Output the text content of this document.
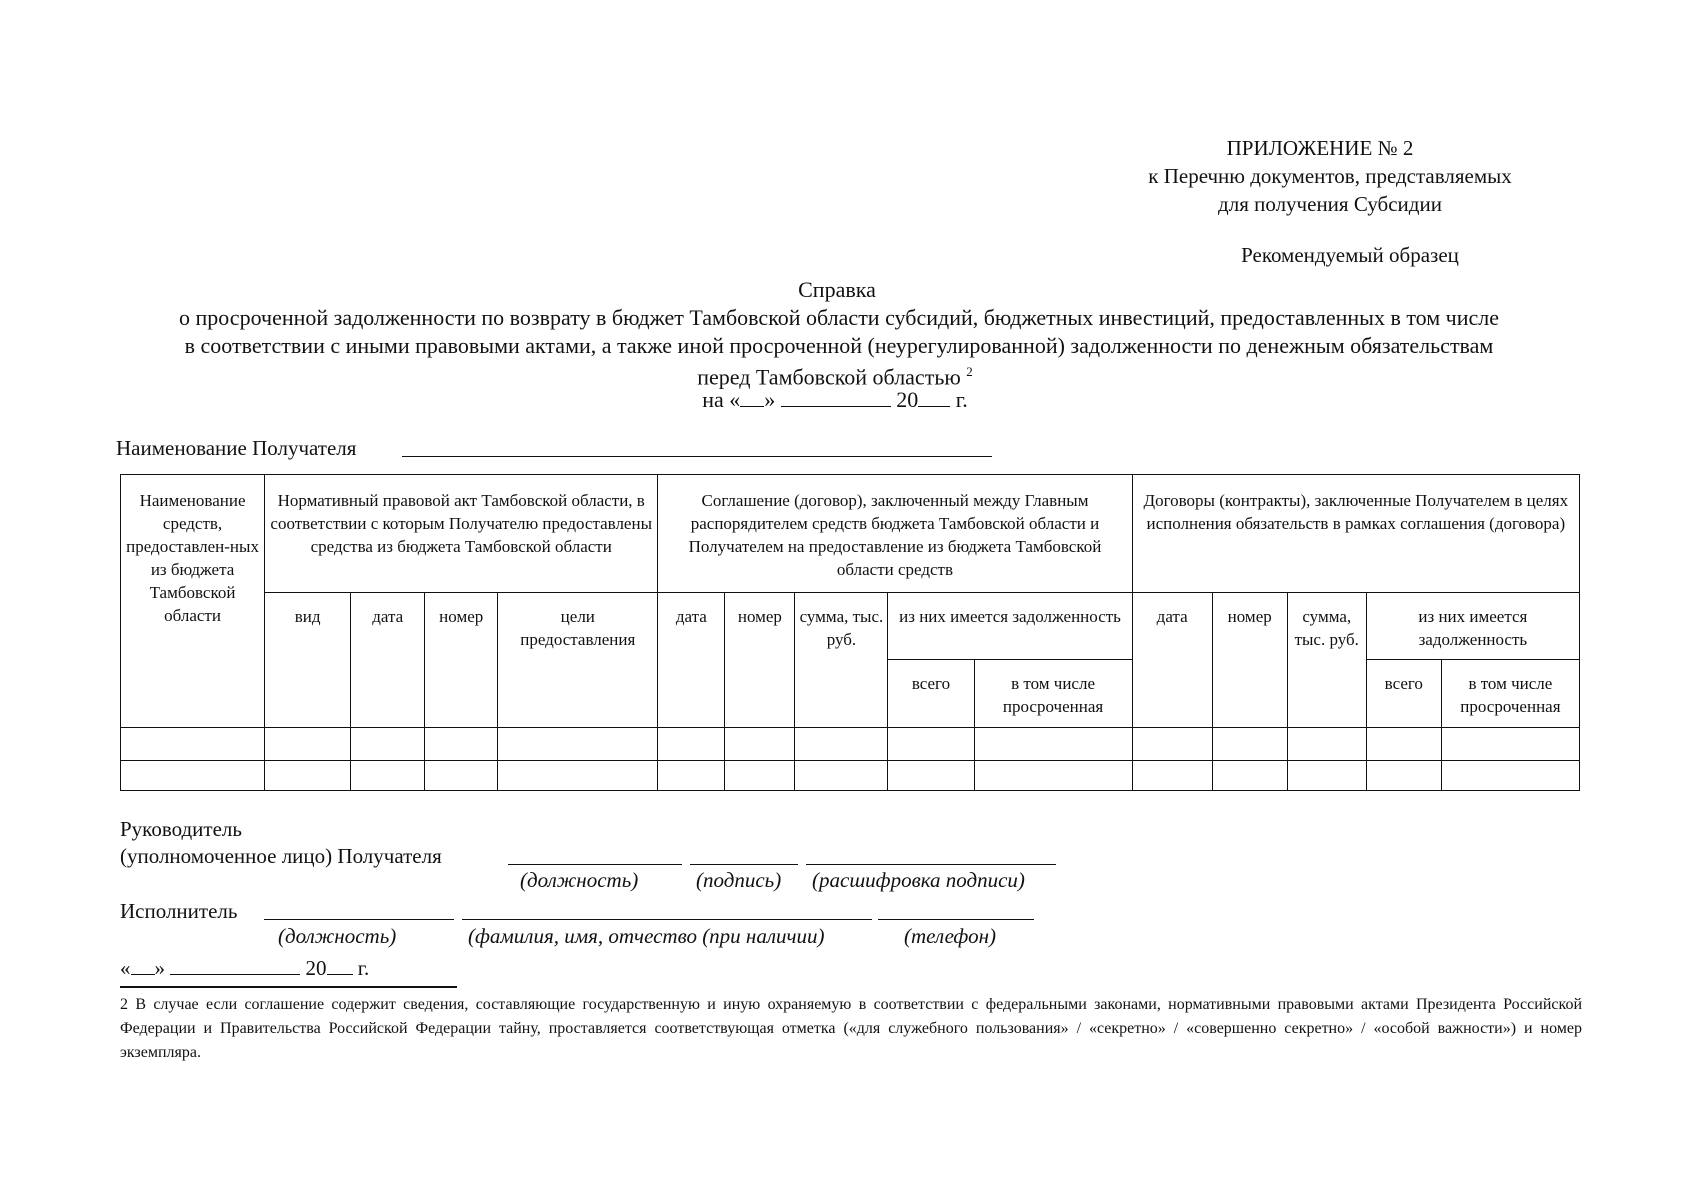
ПРИЛОЖЕНИЕ № 2
к Перечню документов, представляемых
для получения Субсидии
Рекомендуемый образец
Справка
о просроченной задолженности по возврату в бюджет Тамбовской области субсидий, бюджетных инвестиций, предоставленных в том числе
в соответствии с иными правовыми актами, а также иной просроченной (неурегулированной) задолженности по денежным обязательствам
перед Тамбовской областью $^2$
на « »	20 г.
Наименование Получателя
Наименование средств, предоставлен-ных из бюджета Тамбовской области	Нормативный правовой акт Тамбовской области, в соответствии с которым Получателю предоставлены средства из бюджета Тамбовской области				Соглашение (договор), заключенный между Главным распорядителем средств бюджета Тамбовской области и Получателем на предоставление из бюджета Тамбовской области средств					Договоры (контракты), заключенные Получателем в целях исполнения обязательств в рамках соглашения (договора)				
	вид	дата	номер	цели предоставления	дата	номер	сумма, тыс. руб.	из них имеется задолженность		дата	номер	сумма, тыс. руб.	из них имеется задолженность	
								всего	в том числе просроченная				всего	в том числе просроченная

Руководитель
(уполномоченное лицо) Получателя
(должность)	(подпись) (расшифровка подписи)
Исполнитель
(должность)	(фамилия, имя, отчество (при наличии)	(телефон)
« »	20 г.
2 В случае если соглашение содержит сведения, составляющие государственную и иную охраняемую в соответствии с федеральными законами, нормативными правовыми актами Президента Российской Федерации и Правительства Российской Федерации тайну, проставляется соответствующая отметка («для служебного пользования» / «секретно» / «совершенно секретно» / «особой важности») и номер экземпляра.
